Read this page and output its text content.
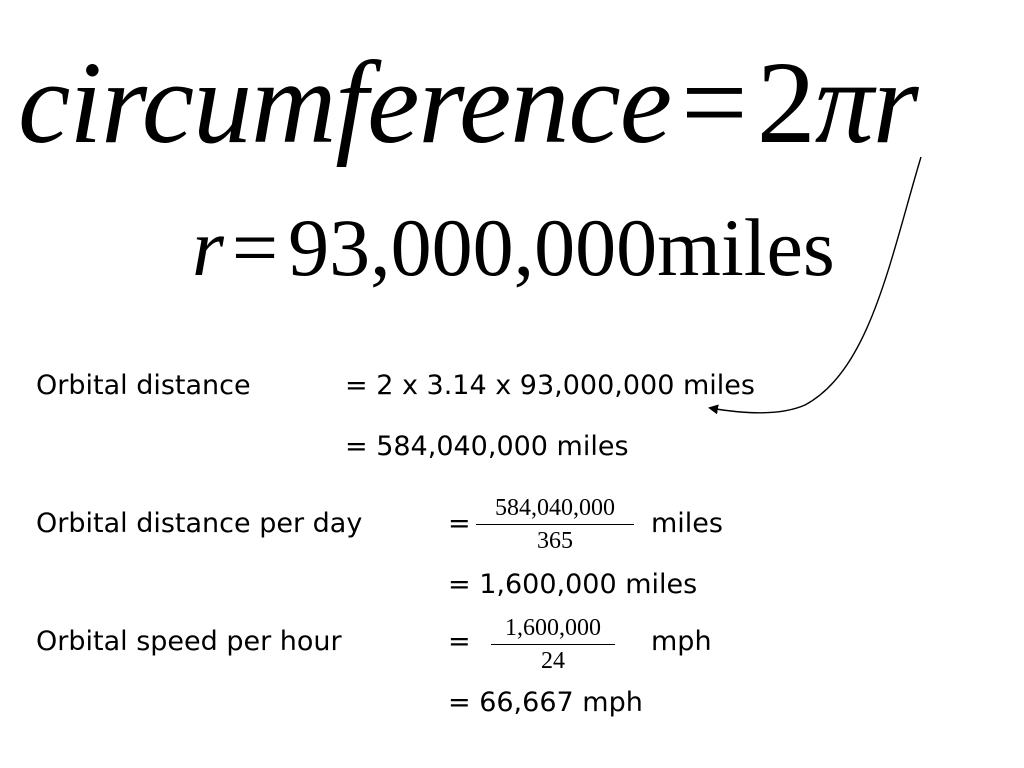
circumference=2πr
r= 93,000,000miles
Orbital distance	= 2 x 3.14 x 93,000,000 miles
= 584,040,000 miles
Orbital distance per day	= $\frac{584,040,000}{365}$ miles
= 1,600,000 miles
Orbital speed per hour	= $\frac{1,600,000}{24}$ mph
= 66,667 mph
